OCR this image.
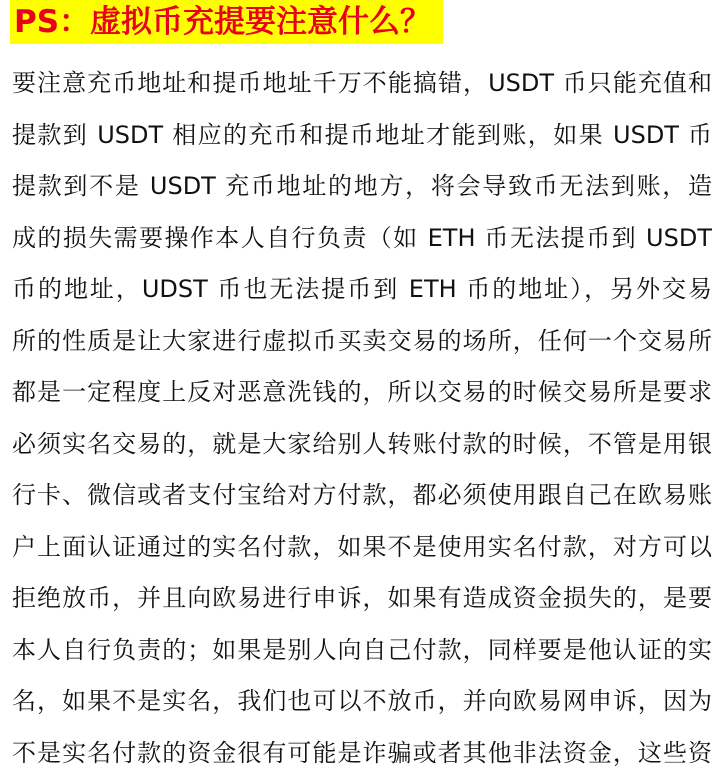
PS：虚拟币充提要注意什么？
要注意充币地址和提币地址千万不能搞错，USDT 币只能充值和
提款到 USDT 相应的充币和提币地址才能到账，如果 USDT 币
提款到不是 USDT 充币地址的地方，将会导致币无法到账，造
成的损失需要操作本人自行负责（如 ETH 币无法提币到 USDT
币的地址，UDST 币也无法提币到 ETH 币的地址），另外交易
所的性质是让大家进行虚拟币买卖交易的场所，任何一个交易所
都是一定程度上反对恶意洗钱的，所以交易的时候交易所是要求
必须实名交易的，就是大家给别人转账付款的时候，不管是用银
行卡、微信或者支付宝给对方付款，都必须使用跟自己在欧易账
户上面认证通过的实名付款，如果不是使用实名付款，对方可以
拒绝放币，并且向欧易进行申诉，如果有造成资金损失的，是要
本人自行负责的；如果是别人向自己付款，同样要是他认证的实
名，如果不是实名，我们也可以不放币，并向欧易网申诉，因为
不是实名付款的资金很有可能是诈骗或者其他非法资金，这些资
